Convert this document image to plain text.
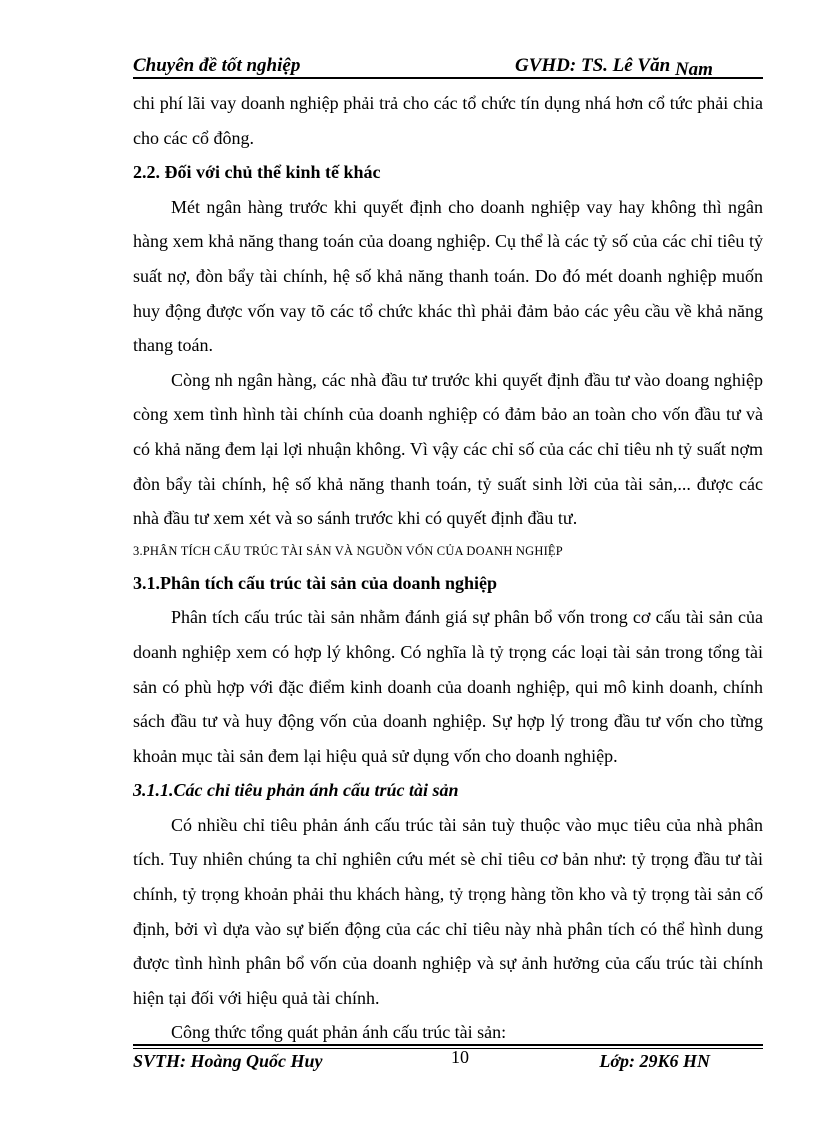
Chuyên đề tốt nghiệp	GVHD: TS. Lê Văn Nam

chi phí lãi vay doanh nghiệp phải trả cho các tổ chức tín dụng nhá hơn cổ tức phải chia cho các cổ đông.

2.2. Đối với chủ thể kinh tế khác

Mét ngân hàng trước khi quyết định cho doanh nghiệp vay hay không thì ngân hàng xem khả năng thang toán của doang nghiệp. Cụ thể là các tỷ số của các chỉ tiêu tỷ suất nợ, đòn bẩy tài chính, hệ số khả năng thanh toán. Do đó mét doanh nghiệp muốn huy động được vốn vay tõ các tổ chức khác thì phải đảm bảo các yêu cầu về khả năng thang toán.

Còng nh ngân hàng, các nhà đầu tư trước khi quyết định đầu tư vào doang nghiệp còng xem tình hình tài chính của doanh nghiệp có đảm bảo an toàn cho vốn đầu tư và có khả năng đem lại lợi nhuận không. Vì vậy các chỉ số của các chỉ tiêu nh tỷ suất nợm đòn bẩy tài chính, hệ số khả năng thanh toán, tỷ suất sinh lời của tài sản,... được các nhà đầu tư xem xét và so sánh trước khi có quyết định đầu tư.

3.PHÂN TÍCH CẤU TRÚC TÀI SẢN VÀ NGUỒN VỐN CỦA DOANH NGHIỆP
3.1.Phân tích cấu trúc tài sản của doanh nghiệp

Phân tích cấu trúc tài sản nhằm đánh giá sự phân bổ vốn trong cơ cấu tài sản của doanh nghiệp xem có hợp lý không. Có nghĩa là tỷ trọng các loại tài sản trong tổng tài sản có phù hợp với đặc điểm kinh doanh của doanh nghiệp, qui mô kinh doanh, chính sách đầu tư và huy động vốn của doanh nghiệp. Sự hợp lý trong đầu tư vốn cho từng khoản mục tài sản đem lại hiệu quả sử dụng vốn cho doanh nghiệp.

3.1.1.Các chỉ tiêu phản ánh cấu trúc tài sản

Có nhiều chỉ tiêu phản ánh cấu trúc tài sản tuỳ thuộc vào mục tiêu của nhà phân tích. Tuy nhiên chúng ta chỉ nghiên cứu mét sè chỉ tiêu cơ bản như: tỷ trọng đầu tư tài chính, tỷ trọng khoản phải thu khách hàng, tỷ trọng hàng tồn kho và tỷ trọng tài sản cố định, bởi vì dựa vào sự biến động của các chỉ tiêu này nhà phân tích có thể hình dung được tình hình phân bổ vốn của doanh nghiệp và sự ảnh hưởng của cấu trúc tài chính hiện tại đối với hiệu quả tài chính.

Công thức tổng quát phản ánh cấu trúc tài sản:

SVTH: Hoàng Quốc Huy	10	Lớp: 29K6 HN
